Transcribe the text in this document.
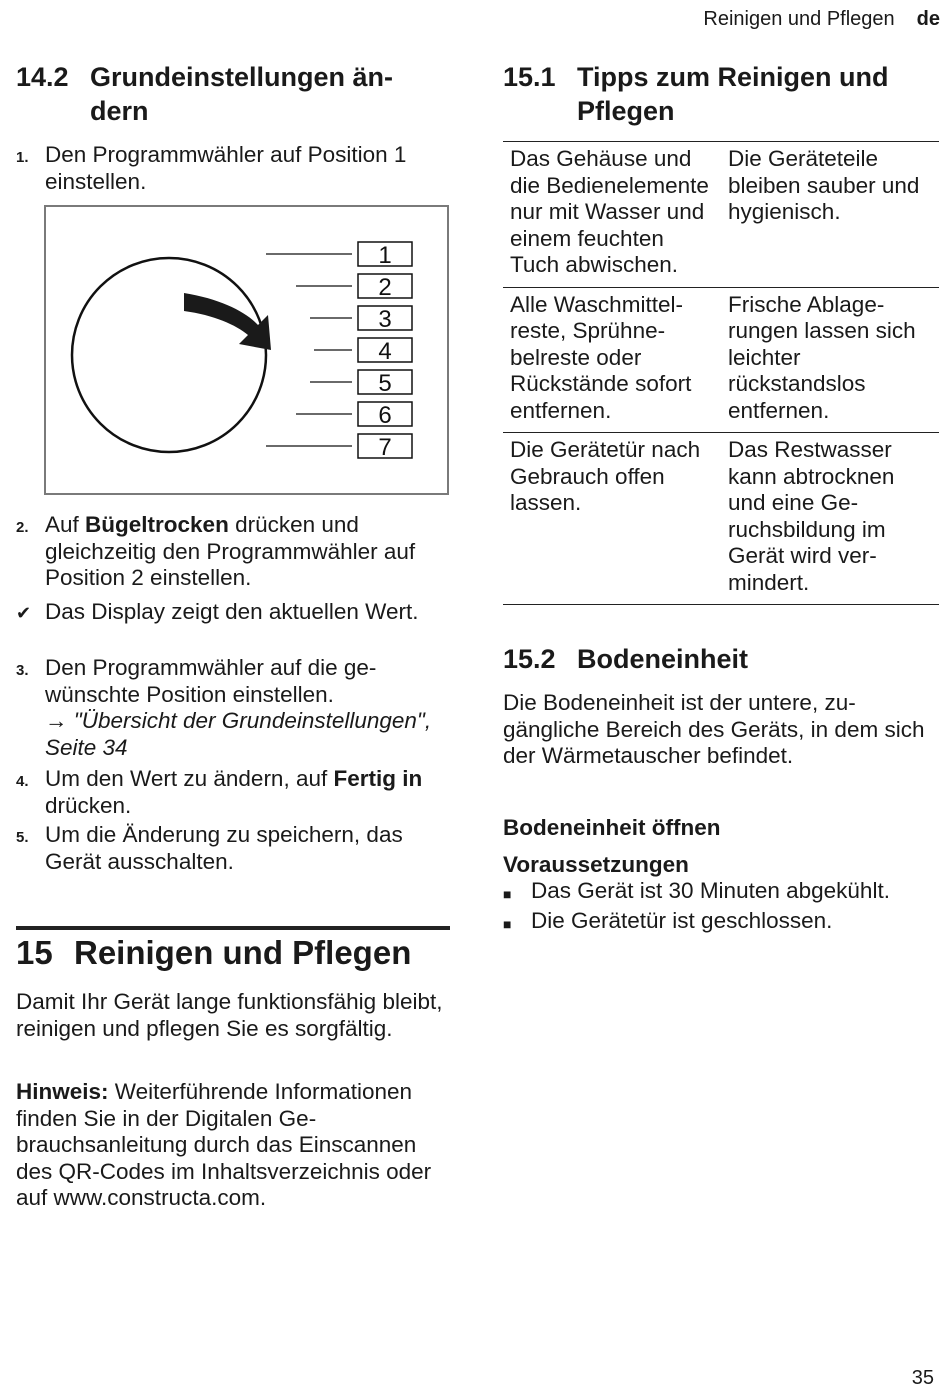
Reinigen und Pflegen de
14.2 Grundeinstellungen ändern
1. Den Programmwähler auf Position 1 einstellen.
1
2
3
4
5
6
7
2. Auf Bügeltrocken drücken und gleichzeitig den Programmwähler auf Position 2 einstellen.
✔ Das Display zeigt den aktuellen Wert.
3. Den Programmwähler auf die gewünschte Position einstellen.
→ "Übersicht der Grundeinstellungen", Seite 34
4. Um den Wert zu ändern, auf Fertig in drücken.
5. Um die Änderung zu speichern, das Gerät ausschalten.
15 Reinigen und Pflegen
Damit Ihr Gerät lange funktionsfähig bleibt, reinigen und pflegen Sie es sorgfältig.
Hinweis: Weiterführende Informationen finden Sie in der Digitalen Gebrauchsanleitung durch das Einscannen des QR-Codes im Inhaltsverzeichnis oder auf www.constructa.com.
15.1 Tipps zum Reinigen und Pflegen
Das Gehäuse und die Bedienelemente nur mit Wasser und einem feuchten Tuch abwischen.	Die Geräteteile bleiben sauber und hygienisch.
Alle Waschmittelreste, Sprühnebelreste oder Rückstände sofort entfernen.	Frische Ablagerungen lassen sich leichter rückstandslos entfernen.
Die Gerätetür nach Gebrauch offen lassen.	Das Restwasser kann abtrocknen und eine Geruchsbildung im Gerät wird vermindert.
15.2 Bodeneinheit
Die Bodeneinheit ist der untere, zugängliche Bereich des Geräts, in dem sich der Wärmetauscher befindet.
Bodeneinheit öffnen
Voraussetzungen
■ Das Gerät ist 30 Minuten abgekühlt.
■ Die Gerätetür ist geschlossen.
35
